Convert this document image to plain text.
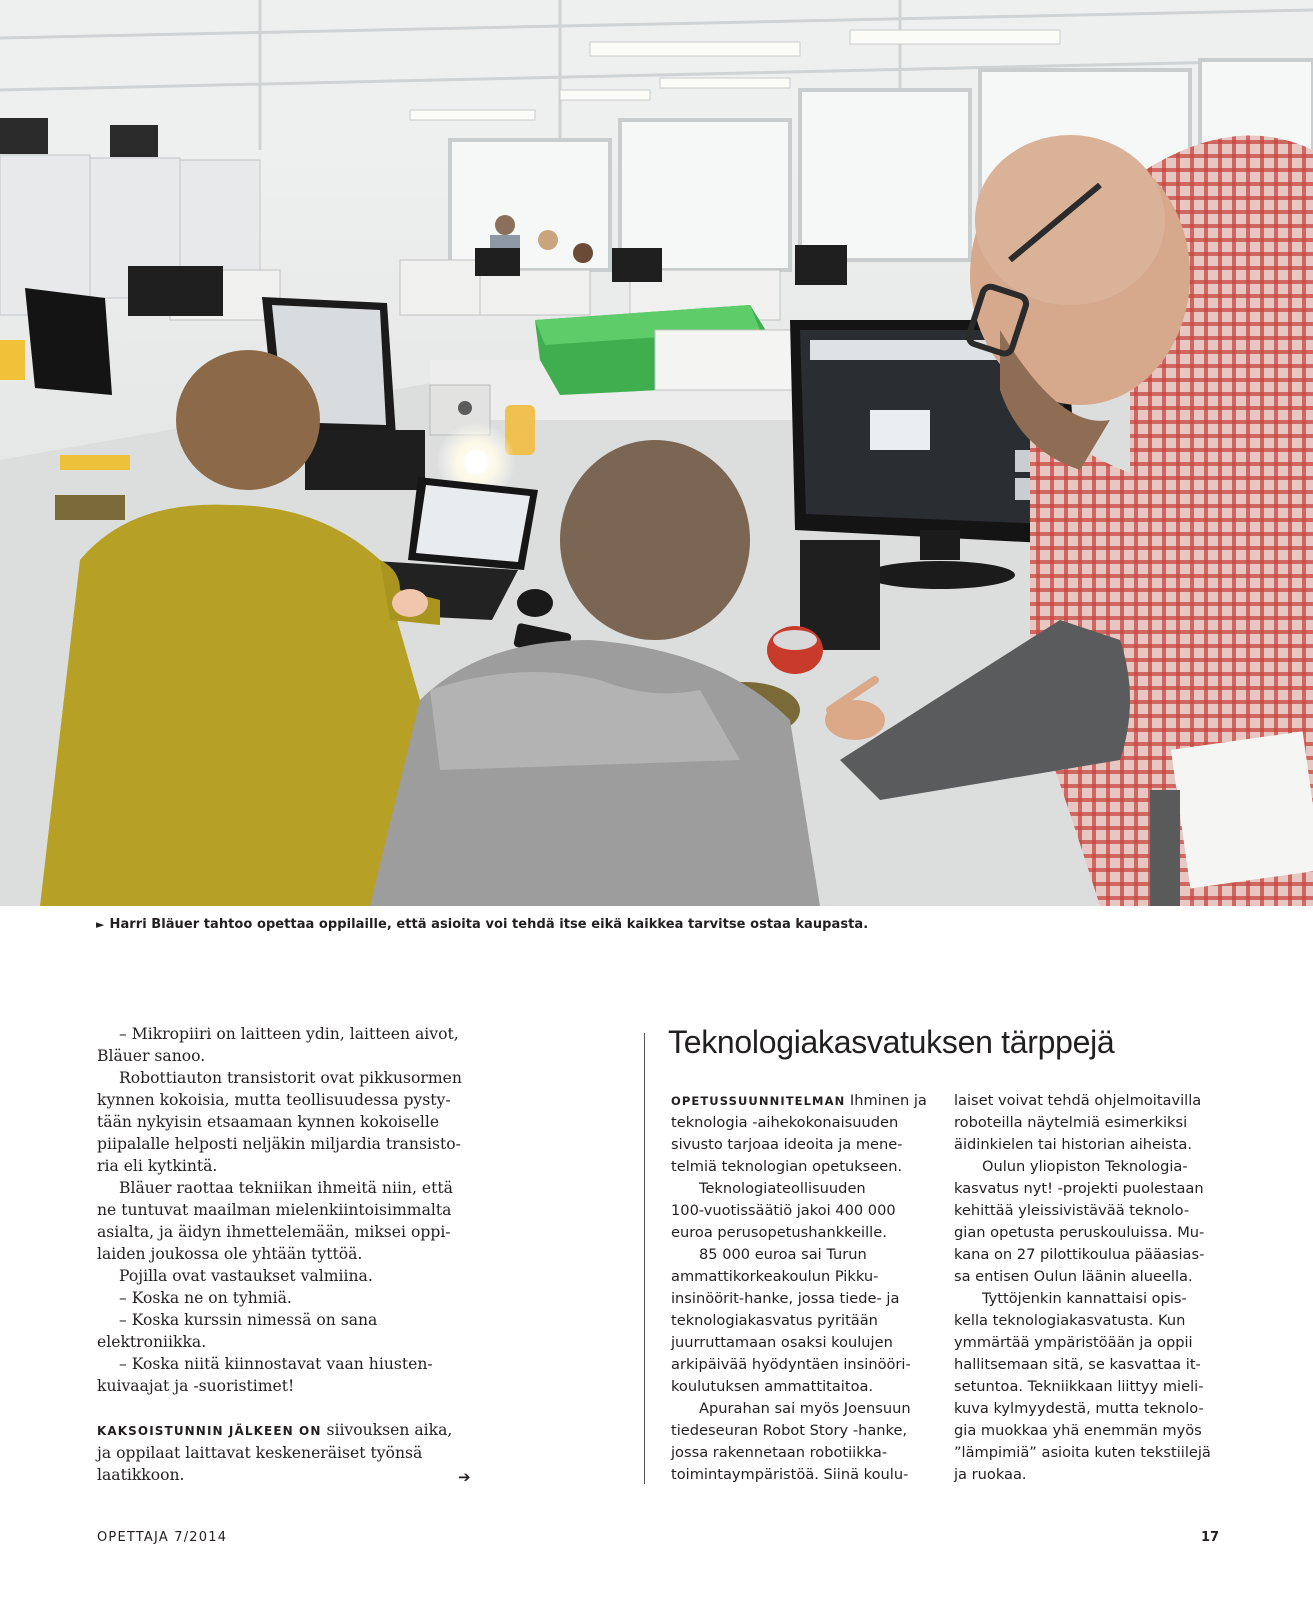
► Harri Bläuer tahtoo opettaa oppilaille, että asioita voi tehdä itse eikä kaikkea tarvitse ostaa kaupasta.
– Mikropiiri on laitteen ydin, laitteen aivot,
Bläuer sanoo.
Robottiauton transistorit ovat pikkusormen
kynnen kokoisia, mutta teollisuudessa pysty-
tään nykyisin etsaamaan kynnen kokoiselle
piipalalle helposti neljäkin miljardia transisto-
ria eli kytkintä.
Bläuer raottaa tekniikan ihmeitä niin, että
ne tuntuvat maailman mielenkiintoisimmalta
asialta, ja äidyn ihmettelemään, miksei oppi-
laiden joukossa ole yhtään tyttöä.
Pojilla ovat vastaukset valmiina.
– Koska ne on tyhmiä.
– Koska kurssin nimessä on sana
elektroniikka.
– Koska niitä kiinnostavat vaan hiusten-
kuivaajat ja -suoristimet!
KAKSOISTUNNIN JÄLKEEN ON siivouksen aika,
ja oppilaat laittavat keskeneräiset työnsä
laatikkoon.	➔
Teknologiakasvatuksen tärppejä
OPETUSSUUNNITELMAN Ihminen ja
teknologia -aihekokonaisuuden
sivusto tarjoaa ideoita ja mene-
telmiä teknologian opetukseen.
Teknologiateollisuuden
100-vuotissäätiö jakoi 400 000
euroa perusopetushankkeille.
85 000 euroa sai Turun
ammattikorkeakoulun Pikku-
insinöörit-hanke, jossa tiede- ja
teknologiakasvatus pyritään
juurruttamaan osaksi koulujen
arkipäivää hyödyntäen insinööri-
koulutuksen ammattitaitoa.
Apurahan sai myös Joensuun
tiedeseuran Robot Story -hanke,
jossa rakennetaan robotiikka-
toimintaympäristöä. Siinä koulu-
laiset voivat tehdä ohjelmoitavilla
roboteilla näytelmiä esimerkiksi
äidinkielen tai historian aiheista.
Oulun yliopiston Teknologia-
kasvatus nyt! -projekti puolestaan
kehittää yleissivistävää teknolo-
gian opetusta peruskouluissa. Mu-
kana on 27 pilottikoulua pääasias-
sa entisen Oulun läänin alueella.
Tyttöjenkin kannattaisi opis-
kella teknologiakasvatusta. Kun
ymmärtää ympäristöään ja oppii
hallitsemaan sitä, se kasvattaa it-
setuntoa. Tekniikkaan liittyy mieli-
kuva kylmyydestä, mutta teknolo-
gia muokkaa yhä enemmän myös
”lämpimiä” asioita kuten tekstiilejä
ja ruokaa.
OPETTAJA 7/2014	17
